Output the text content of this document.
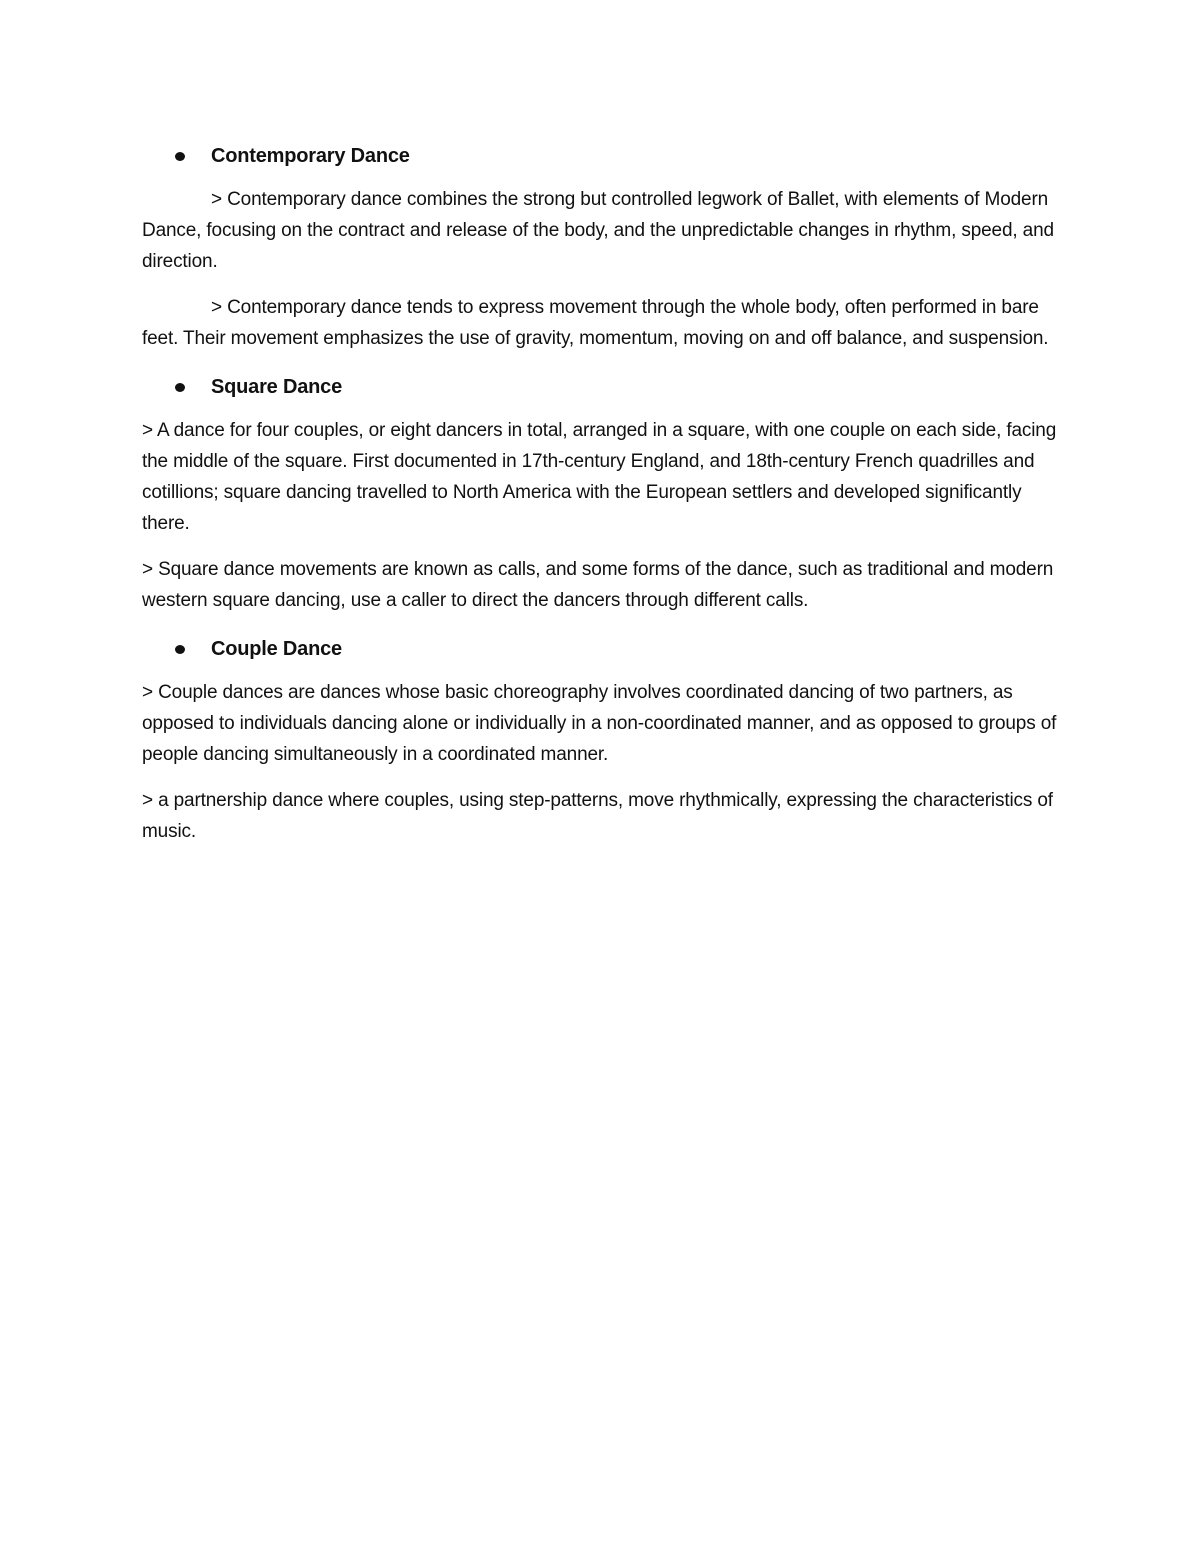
Contemporary Dance

> Contemporary dance combines the strong but controlled legwork of Ballet, with elements of Modern Dance, focusing on the contract and release of the body, and the unpredictable changes in rhythm, speed, and direction.

> Contemporary dance tends to express movement through the whole body, often performed in bare feet. Their movement emphasizes the use of gravity, momentum, moving on and off balance, and suspension.

Square Dance

> A dance for four couples, or eight dancers in total, arranged in a square, with one couple on each side, facing the middle of the square. First documented in 17th-century England, and 18th-century French quadrilles and cotillions; square dancing travelled to North America with the European settlers and developed significantly there.

> Square dance movements are known as calls, and some forms of the dance, such as traditional and modern western square dancing, use a caller to direct the dancers through different calls.

Couple Dance

> Couple dances are dances whose basic choreography involves coordinated dancing of two partners, as opposed to individuals dancing alone or individually in a non-coordinated manner, and as opposed to groups of people dancing simultaneously in a coordinated manner.

> a partnership dance where couples, using step-patterns, move rhythmically, expressing the characteristics of music.
